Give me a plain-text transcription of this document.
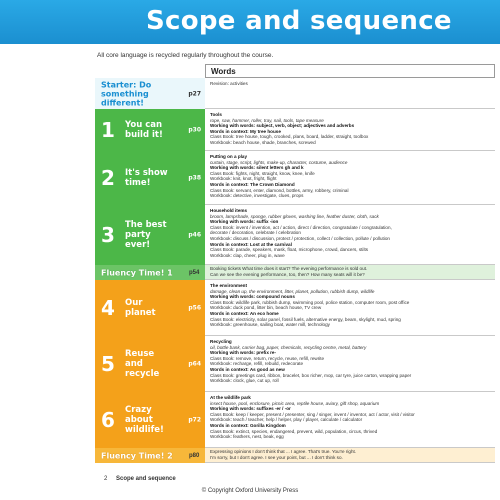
Scope and sequence
All core language is recycled regularly throughout the course.
Words
Starter: Do something different!
p27
Revision: activities
1 You can build it!	p30
Tools
rope, saw, hammer, roller, tray, nail, tools, tape measure
Working with words: subject, verb, object; adjectives and adverbs
Words in context: My tree house
Class Book: tree house, tough, crooked, plans, board, ladder, straight, toolbox
Workbook: beach house, shade, branches, screwed
2 It's show time!	p38
Putting on a play
curtain, stage, script, lights, make-up, character, costume, audience
Working with words: silent letters gh and k
Class Book: fights, night, straight, know, knee, knife
Workbook: knit, knot, fright, flight
Words in context: The Crown Diamond
Class Book: servant, enter, diamond, bottles, army, robbery, criminal
Workbook: detective, investigate, clues, props
3 The best party ever!
p46
Household items
broom, lampshade, sponge, rubber gloves, washing line, feather duster, cloth, sack
Working with words: suffix -ion
Class Book: invent / invention, act / action, direct / direction, congratulate / congratulation,
decorate / decoration, celebrate / celebration
Workbook: discuss / discussion, protect / protection, collect / collection, pollute / pollution
Words in context: Lost at the carnival
Class Book: parade, speakers, mask, float, microphone, crowd, dancers, stilts
Workbook: clap, cheer, plug in, wave
Fluency Time! 1	p54
Booking tickets What time does it start? The evening performance is sold out.
Can we see the evening performance, too, then? How many seats will it be?
4 Our planet	p56
The environment
damage, clean up, the environment, litter, planet, pollution, rubbish dump, wildlife
Working with words: compound nouns
Class Book: wildlife park, rubbish dump, swimming pool, police station, computer room, post office
Workbook: duck pond, litter bin, beach house, TV crew
Words in context: An eco home
Class Book: electricity, solar panel, fossil fuels, alternative energy, beam, skylight, mud, spring
Workbook: greenhouse, sailing boat, water mill, technology
5 Reuse and recycle
p64
Recycling
oil, bottle bank, carrier bag, paper, chemicals, recycling centre, metal, battery
Working with words: prefix re-
Class Book: remove, return, recycle, reuse, refill, rewrite
Workbook: recharge, refill, rebuild, redecorate
Words in context: As good as new
Class Book: greetings card, ribbon, bracelet, box richer, mop, car tyre, juice carton, wrapping paper
Workbook: clock, glue, cut up, roll
6 Crazy about wildlife!
p72
At the wildlife park
insect house, pool, enclosure, picnic area, reptile house, aviary, gift shop, aquarium
Working with words: suffixes -er / -or
Class Book: keep / keeper, present / presenter, sing / singer, invent / inventor, act / actor, visit / visitor
Workbook: teach / teacher, help / helper, play / player, calculate / calculator
Words in context: Gorilla Kingdom
Class Book: extinct, species, endangered, prevent, wild, population, circus, thrived
Workbook: feathers, nest, beak, egg
Fluency Time! 2	p80
Expressing opinions I don't think that ... I agree. That's true. You're right.
I'm sorry, but I don't agree. I see your point, but ... I don't think so.
2 Scope and sequence
© Copyright Oxford University Press
